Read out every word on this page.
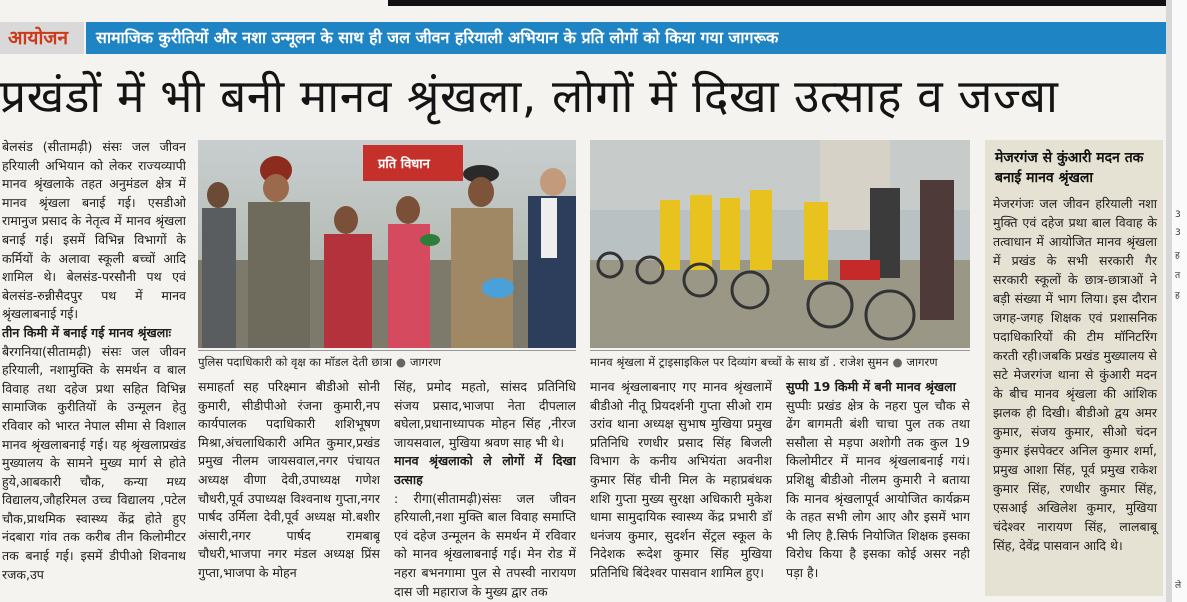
आयोजन	सामाजिक कुरीतियों और नशा उन्मूलन के साथ ही जल जीवन हरियाली अभियान के प्रति लोगों को किया गया जागरूक
प्रखंडों में भी बनी मानव श्रृंखला, लोगों में दिखा उत्साह व जज्बा

बेलसंड (सीतामढ़ी) संसः जल जीवन हरियाली अभियान को लेकर राज्यव्यापी मानव श्रृंखलाके तहत अनुमंडल क्षेत्र में मानव श्रृंखला बनाई गई। एसडीओ रामानुज प्रसाद के नेतृत्व में मानव श्रृंखला बनाई गई। इसमें विभिन्न विभागों के कर्मियों के अलावा स्कूली बच्चों आदि शामिल थे। बेलसंड-परसौनी पथ एवं बेलसंड-रुन्नीसैदपुर पथ में मानव श्रृंखलाबनाई गई।

तीन किमी में बनाई गई मानव श्रृंखलाः

बैरगनिया(सीतामढ़ी) संसः जल जीवन हरियाली, नशामुक्ति के समर्थन व बाल विवाह तथा दहेज प्रथा सहित विभिन्न सामाजिक कुरीतियों के उन्मूलन हेतु रविवार को भारत नेपाल सीमा से विशाल मानव श्रृंखलाबनाई गई। यह श्रृंखलाप्रखंड मुख्यालय के सामने मुख्य मार्ग से होते हुये,आबकारी चौक, कन्या मध्य विद्यालय,जौहरिमल उच्च विद्यालय ,पटेल चौक,प्राथमिक स्वास्थ्य केंद्र होते हुए नंदबारा गांव तक करीब तीन किलोमीटर तक बनाई गई। इसमें डीपीओ शिवनाथ रजक,उप

प्रति विधान
पुलिस पदाधिकारी को वृक्ष का मॉडल देती छात्रा ● जागरण	मानव श्रृंखला में ट्राइसाइकिल पर दिव्यांग बच्चों के साथ डॉ . राजेश सुमन ● जागरण

समाहर्ता सह परिक्ष्मान बीडीओ सोनी कुमारी, सीडीपीओ रंजना कुमारी,नप कार्यपालक पदाधिकारी शशिभूषण मिश्रा,अंचलाधिकारी अमित कुमार,प्रखंड प्रमुख नीलम जायसवाल,नगर पंचायत अध्यक्ष वीणा देवी,उपाध्यक्ष गणेश चौधरी,पूर्व उपाध्यक्ष विश्वनाथ गुप्ता,नगर पार्षद उर्मिला देवी,पूर्व अध्यक्ष मो.बशीर अंसारी,नगर पार्षद रामबाबू चौधरी,भाजपा नगर मंडल अध्यक्ष प्रिंस गुप्ता,भाजपा के मोहन

सिंह, प्रमोद महतो, सांसद प्रतिनिधि संजय प्रसाद,भाजपा नेता दीपलाल बघेला,प्रधानाध्यापक मोहन सिंह ,नीरज जायसवाल, मुखिया श्रवण साह भी थे।

मानव श्रृंखलाको ले लोगों में दिखा उत्साह

: रीगा(सीतामढ़ी)संसः जल जीवन हरियाली,नशा मुक्ति बाल विवाह समाप्ति एवं दहेज उन्मूलन के समर्थन में रविवार को मानव श्रृंखलाबनाई गई। मेन रोड में नहरा बभनगामा पुल से तपस्वी नारायण दास जी महाराज के मुख्य द्वार तक

मानव श्रृंखलाबनाए गए मानव श्रृंखलामें बीडीओ नीतू प्रियदर्शनी गुप्ता सीओ राम उरांव थाना अध्यक्ष सुभाष मुखिया प्रमुख प्रतिनिधि रणधीर प्रसाद सिंह बिजली विभाग के कनीय अभियंता अवनीश कुमार सिंह चीनी मिल के महाप्रबंधक शशि गुप्ता मुख्य सुरक्षा अधिकारी मुकेश धामा सामुदायिक स्वास्थ्य केंद्र प्रभारी डॉ धनंजय कुमार, सुदर्शन सेंट्रल स्कूल के निदेशक रूदेश कुमार सिंह मुखिया प्रतिनिधि बिंदेश्वर पासवान शामिल हुए।

सुप्पी 19 किमी में बनी मानव श्रृंखला

सुप्पीः प्रखंड क्षेत्र के नहरा पुल चौक से ढेंग बागमती बंशी चाचा पुल तक तथा ससौला से मड़पा अशोगी तक कुल 19 किलोमीटर में मानव श्रृंखलाबनाई गयं। प्रशिक्षु बीडीओ नीलम कुमारी ने बताया कि मानव श्रृंखलापूर्व आयोजित कार्यक्रम के तहत सभी लोग आए और इसमें भाग भी लिए है.सिर्फ नियोजित शिक्षक इसका विरोध किया है इसका कोई असर नही पड़ा है।

मेजरगंज से कुंआरी मदन तक बनाई मानव श्रृंखला
मेजरगंजः जल जीवन हरियाली नशा मुक्ति एवं दहेज प्रथा बाल विवाह के तत्वाधान में आयोजित मानव श्रृंखला में प्रखंड के सभी सरकारी गैर सरकारी स्कूलों के छात्र-छात्राओं ने बड़ी संख्या में भाग लिया। इस दौरान जगह-जगह शिक्षक एवं प्रशासनिक पदाधिकारियों की टीम मॉनिटरिंग करती रही।जबकि प्रखंड मुख्यालय से सटे मेजरगंज थाना से कुंआरी मदन के बीच मानव श्रृंखला की आंशिक झलक ही दिखी। बीडीओ द्वय अमर कुमार, संजय कुमार, सीओ चंदन कुमार इंसपेक्टर अनिल कुमार शर्मा, प्रमुख आशा सिंह, पूर्व प्रमुख राकेश कुमार सिंह, रणधीर कुमार सिंह, एसआई अखिलेश कुमार, मुखिया चंदेश्वर नारायण सिंह, लालबाबू सिंह, देवेंद्र पासवान आदि थे।
3
3
ह
त
ह
ले
